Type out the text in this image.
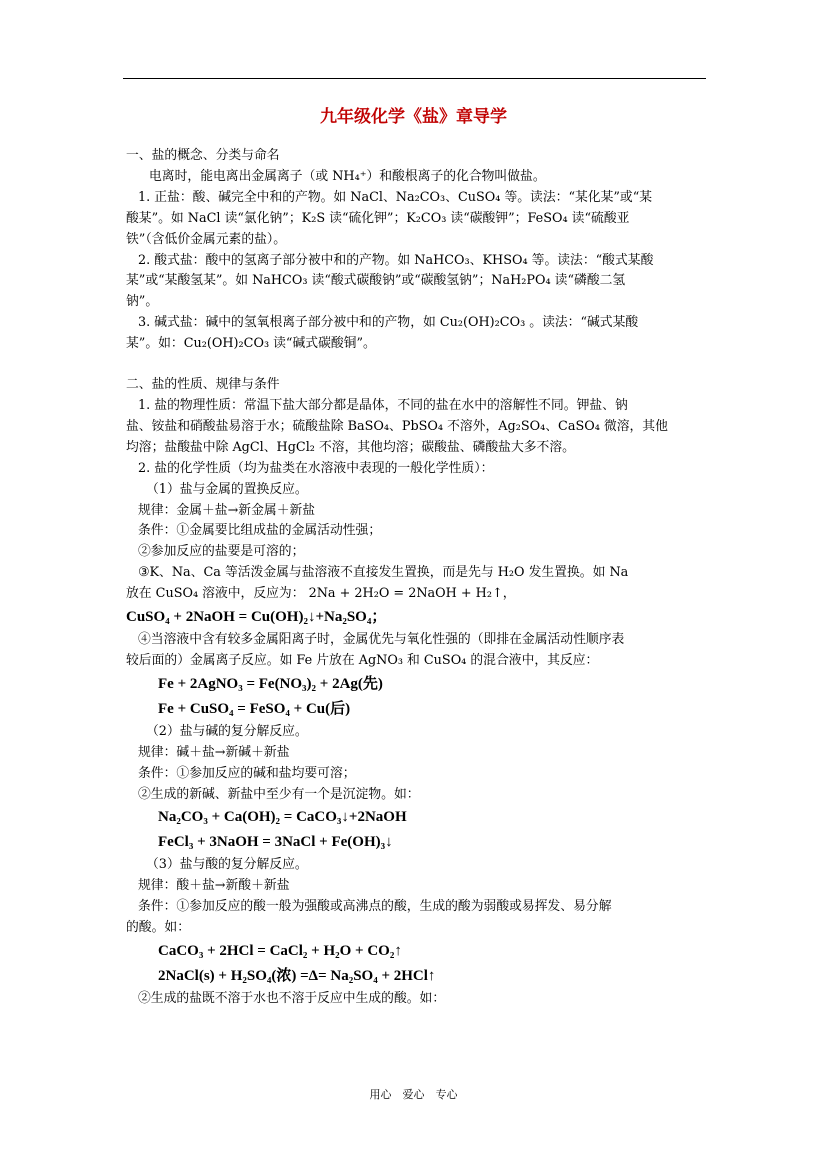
九年级化学《盐》章导学

一、盐的概念、分类与命名

电离时，能电离出金属离子（或 NH₄⁺）和酸根离子的化合物叫做盐。

1. 正盐：酸、碱完全中和的产物。如 NaCl、Na₂CO₃、CuSO₄ 等。读法：“某化某”或“某

酸某”。如 NaCl 读“氯化钠”；K₂S 读“硫化钾”；K₂CO₃ 读“碳酸钾”；FeSO₄ 读“硫酸亚

铁”（含低价金属元素的盐）。

2. 酸式盐：酸中的氢离子部分被中和的产物。如 NaHCO₃、KHSO₄ 等。读法：“酸式某酸

某”或“某酸氢某”。如 NaHCO₃ 读“酸式碳酸钠”或“碳酸氢钠”；NaH₂PO₄ 读“磷酸二氢

钠”。

3. 碱式盐：碱中的氢氧根离子部分被中和的产物，如 Cu₂(OH)₂CO₃ 。读法：“碱式某酸

某”。如：Cu₂(OH)₂CO₃ 读“碱式碳酸铜”。

二、盐的性质、规律与条件

1. 盐的物理性质：常温下盐大部分都是晶体，不同的盐在水中的溶解性不同。钾盐、钠

盐、铵盐和硝酸盐易溶于水；硫酸盐除 BaSO₄、PbSO₄ 不溶外，Ag₂SO₄、CaSO₄ 微溶，其他

均溶；盐酸盐中除 AgCl、HgCl₂ 不溶，其他均溶；碳酸盐、磷酸盐大多不溶。

2. 盐的化学性质（均为盐类在水溶液中表现的一般化学性质）：

（1）盐与金属的置换反应。

规律：金属＋盐→新金属＋新盐

条件：①金属要比组成盐的金属活动性强；

②参加反应的盐要是可溶的；

③K、Na、Ca 等活泼金属与盐溶液不直接发生置换，而是先与 H₂O 发生置换。如 Na

放在 CuSO₄ 溶液中，反应为： 2Na + 2H₂O = 2NaOH + H₂↑，

CuSO₄ + 2NaOH = Cu(OH)₂↓+Na₂SO₄；

④当溶液中含有较多金属阳离子时，金属优先与氧化性强的（即排在金属活动性顺序表

较后面的）金属离子反应。如 Fe 片放在 AgNO₃ 和 CuSO₄ 的混合液中，其反应：

Fe + 2AgNO₃ = Fe(NO₃)₂ + 2Ag(先)

Fe + CuSO₄ = FeSO₄ + Cu(后)

（2）盐与碱的复分解反应。

规律：碱＋盐→新碱＋新盐

条件：①参加反应的碱和盐均要可溶；

②生成的新碱、新盐中至少有一个是沉淀物。如：

Na₂CO₃ + Ca(OH)₂ = CaCO₃↓+2NaOH

FeCl₃ + 3NaOH = 3NaCl + Fe(OH)₃↓

（3）盐与酸的复分解反应。

规律：酸＋盐→新酸＋新盐

条件：①参加反应的酸一般为强酸或高沸点的酸，生成的酸为弱酸或易挥发、易分解

的酸。如：

CaCO₃ + 2HCl = CaCl₂ + H₂O + CO₂↑

2NaCl(s) + H₂SO₄(浓) =Δ= Na₂SO₄ + 2HCl↑

②生成的盐既不溶于水也不溶于反应中生成的酸。如：

用心　爱心　专心
